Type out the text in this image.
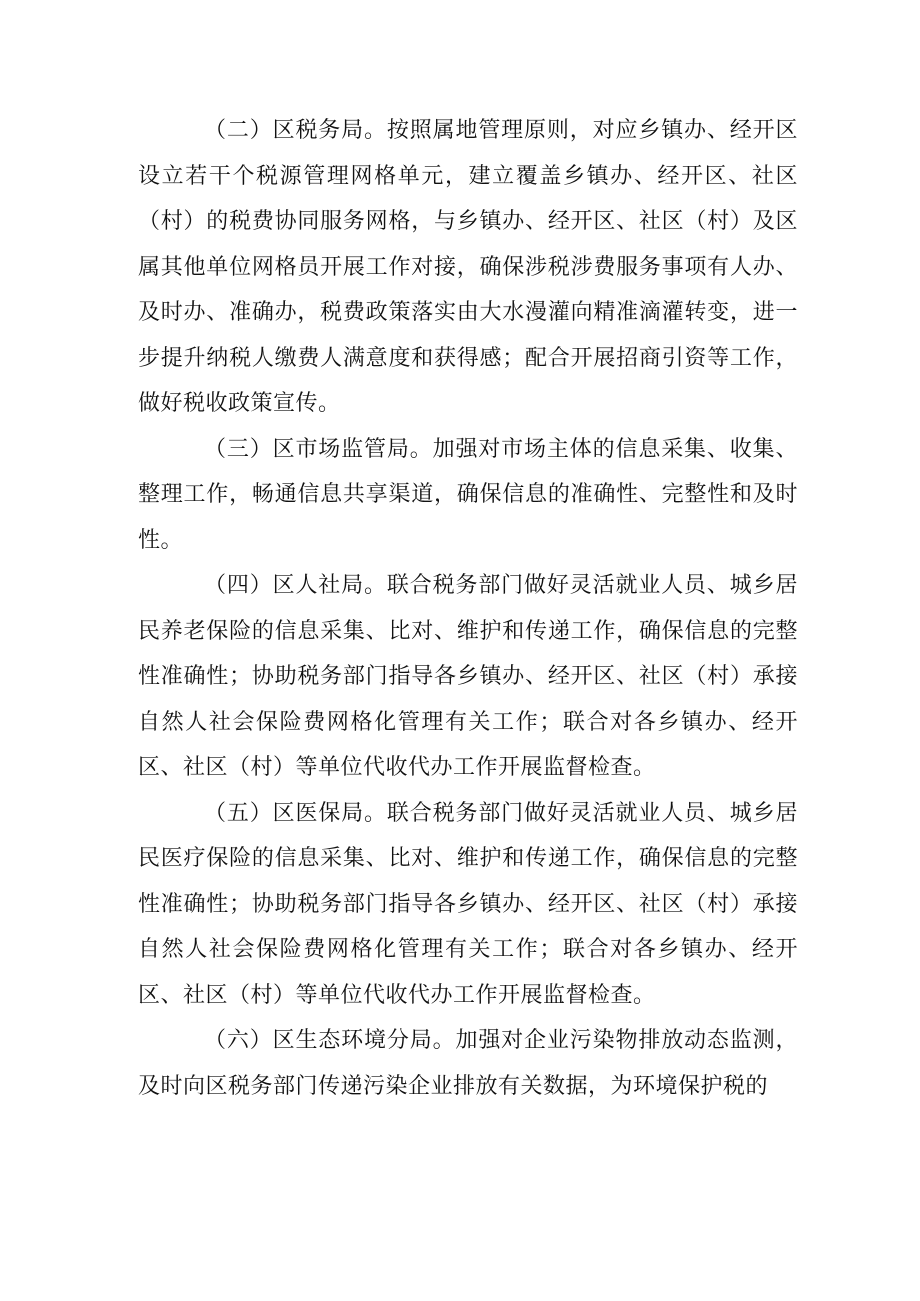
（二）区税务局。按照属地管理原则，对应乡镇办、经开区设立若干个税源管理网格单元，建立覆盖乡镇办、经开区、社区（村）的税费协同服务网格，与乡镇办、经开区、社区（村）及区属其他单位网格员开展工作对接，确保涉税涉费服务事项有人办、及时办、准确办，税费政策落实由大水漫灌向精准滴灌转变，进一步提升纳税人缴费人满意度和获得感；配合开展招商引资等工作，做好税收政策宣传。

（三）区市场监管局。加强对市场主体的信息采集、收集、整理工作，畅通信息共享渠道，确保信息的准确性、完整性和及时性。

（四）区人社局。联合税务部门做好灵活就业人员、城乡居民养老保险的信息采集、比对、维护和传递工作，确保信息的完整性准确性；协助税务部门指导各乡镇办、经开区、社区（村）承接自然人社会保险费网格化管理有关工作；联合对各乡镇办、经开区、社区（村）等单位代收代办工作开展监督检查。

（五）区医保局。联合税务部门做好灵活就业人员、城乡居民医疗保险的信息采集、比对、维护和传递工作，确保信息的完整性准确性；协助税务部门指导各乡镇办、经开区、社区（村）承接自然人社会保险费网格化管理有关工作；联合对各乡镇办、经开区、社区（村）等单位代收代办工作开展监督检查。

（六）区生态环境分局。加强对企业污染物排放动态监测，及时向区税务部门传递污染企业排放有关数据，为环境保护税的
